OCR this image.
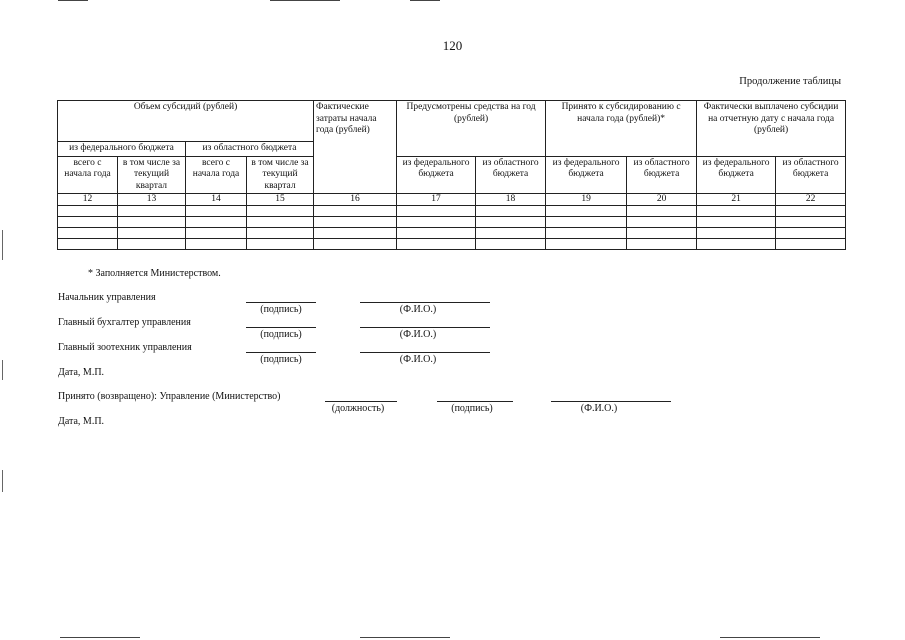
120
Продолжение таблицы
Объем субсидий (рублей)				Фактические затраты начала года (рублей)	Предусмотрены средства на год (рублей)		Принято к субсидированию с начала года (рублей)*		Фактически выплачено субсидии на отчетную дату с начала года (рублей)	
из федерального бюджета		из областного бюджета								
всего с начала года	в том числе за текущий квартал	всего с начала года	в том числе за текущий квартал		из федерального бюджета	из областного бюджета	из федерального бюджета	из областного бюджета	из федерального бюджета	из областного бюджета
12	13	14	15	16	17	18	19	20	21	22

* Заполняется Министерством.
Начальник управления
(подпись)	(Ф.И.О.)
Главный бухгалтер управления
(подпись)	(Ф.И.О.)
Главный зоотехник управления
(подпись)	(Ф.И.О.)
Дата, М.П.
Принято (возвращено): Управление (Министерство)
(должность)	(подпись)	(Ф.И.О.)
Дата, М.П.
